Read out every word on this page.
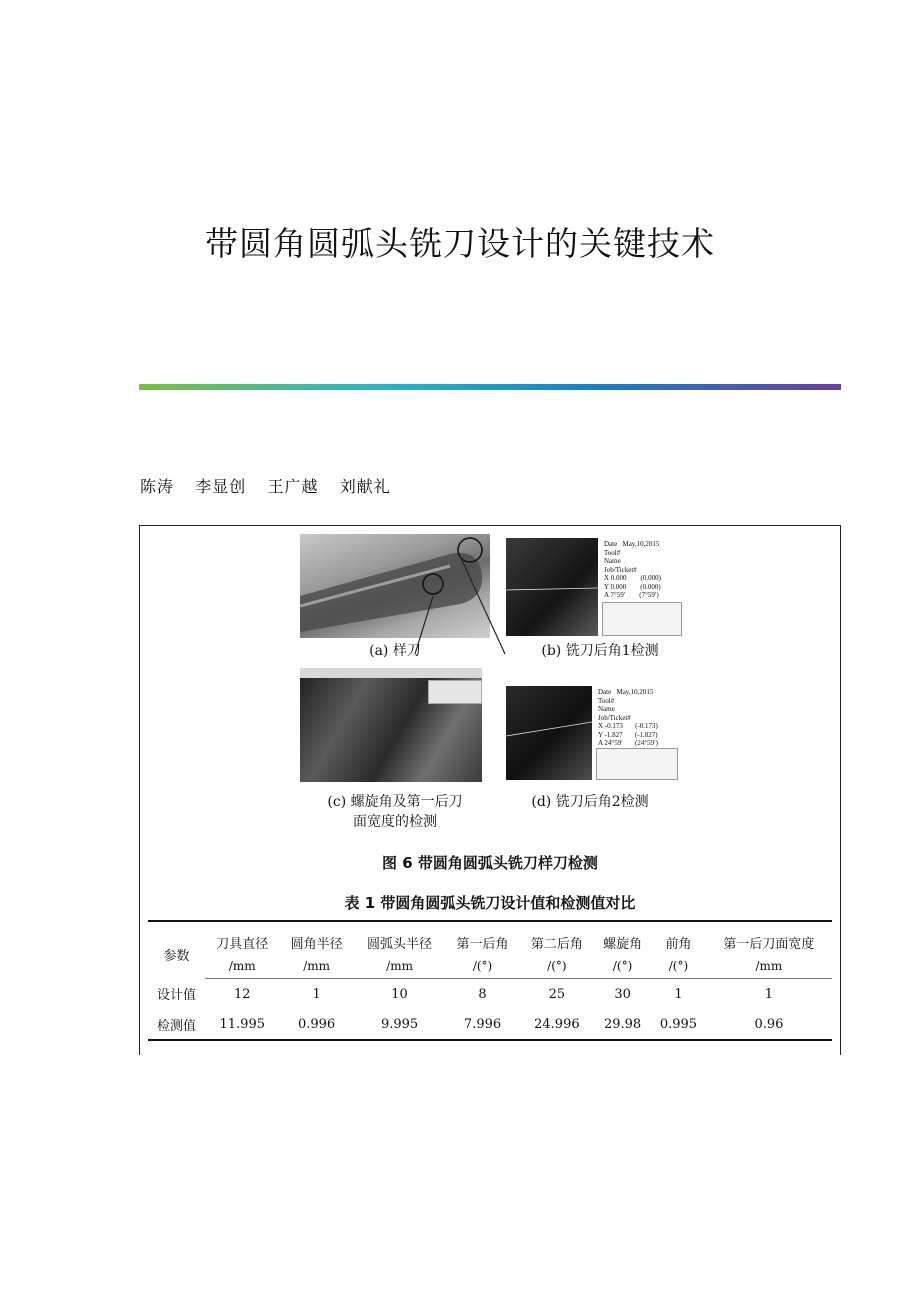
带圆角圆弧头铣刀设计的关键技术
陈涛  李显创  王广越  刘献礼
Date   May,10,2015
Tool#
Name
Job/Ticket#
X 0.000        (0.000)
Y 0.000        (0.000)
A 7°59′        (7°59′)
(a) 样刀	(b) 铣刀后角1检测
Date   May,10,2015
Tool#
Name
Job/Ticket#
X -0.173       (-0.173)
Y -1.827       (-1.827)
A 24°59′       (24°59′)
(c) 螺旋角及第一后刀
面宽度的检测
(d) 铣刀后角2检测
图 6 带圆角圆弧头铣刀样刀检测
表 1 带圆角圆弧头铣刀设计值和检测值对比
参数	刀具直径	圆角半径	圆弧头半径	第一后角	第二后角	螺旋角	前角	第一后刀面宽度
	/mm	/mm	/mm	/(°)	/(°)	/(°)	/(°)	/mm
设计值	12	1	10	8	25	30	1	1
检测值	11.995	0.996	9.995	7.996	24.996	29.98	0.995	0.96
